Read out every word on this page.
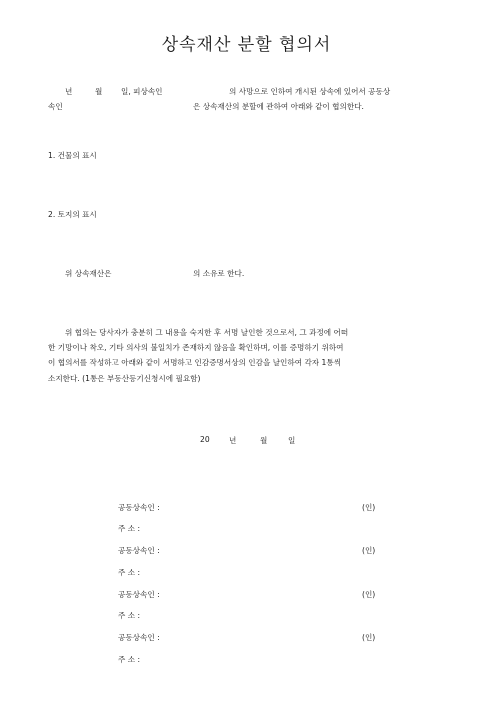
상속재산 분할 협의서
년	월 일, 피상속인	의 사망으로 인하여 개시된 상속에 있어서 공동상
속인	은 상속재산의 분할에 관하여 아래와 같이 협의한다.
1. 건물의 표시
2. 토지의 표시
위 상속재산은	의 소유로 한다.
위 협의는 당사자가 충분히 그 내용을 숙지한 후 서명 날인한 것으로서, 그 과정에 어떠
한 기망이나 착오, 기타 의사의 불일치가 존재하지 않음을 확인하며, 이를 증명하기 위하여
이 협의서를 작성하고 아래와 같이 서명하고 인감증명서상의 인감을 날인하여 각자 1통씩
소지한다. (1통은 부동산등기신청시에 필요함)
20	년	월	일
공동상속인 :	(인)
주 소 :
공동상속인 :	(인)
주 소 :
공동상속인 :	(인)
주 소 :
공동상속인 :	(인)
주 소 :
